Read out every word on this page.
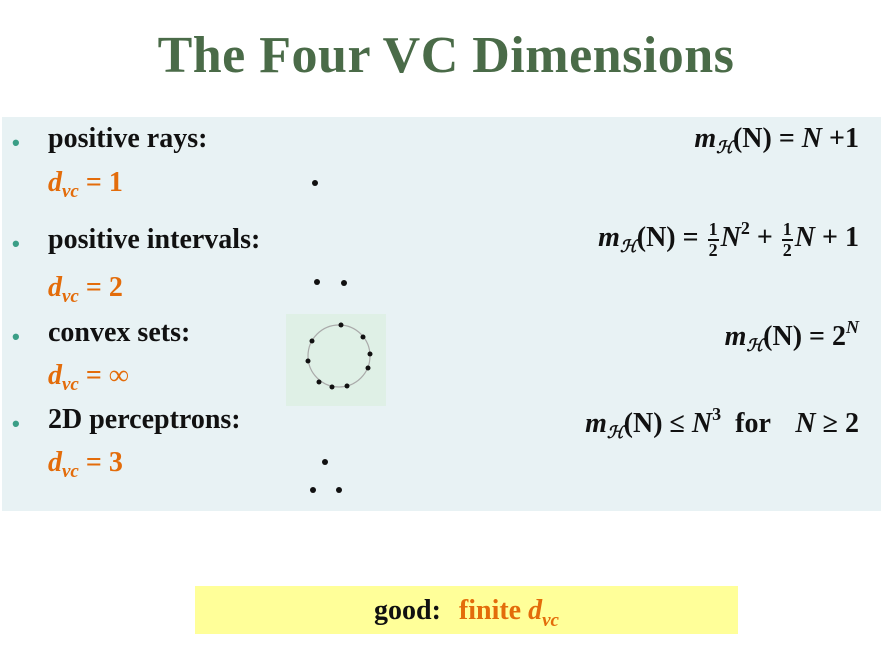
The Four VC Dimensions
• positive rays:	$m_ℋ(N) = N +1$
$d_{vc} = 1$
• positive intervals:	$m_ℋ(N) = \frac{1}{2} N^2 + \frac{1}{2}$ N + 1
$d_{vc} = 2$
• convex sets:	$m_ℋ(N) = 2^N$
$d_{vc}$ = ∞
• 2D perceptrons:	$m_ℋ(N) \le N^3$  for N ≥ 2
$d_{vc} = 3$
good: finite $d_{vc}$
